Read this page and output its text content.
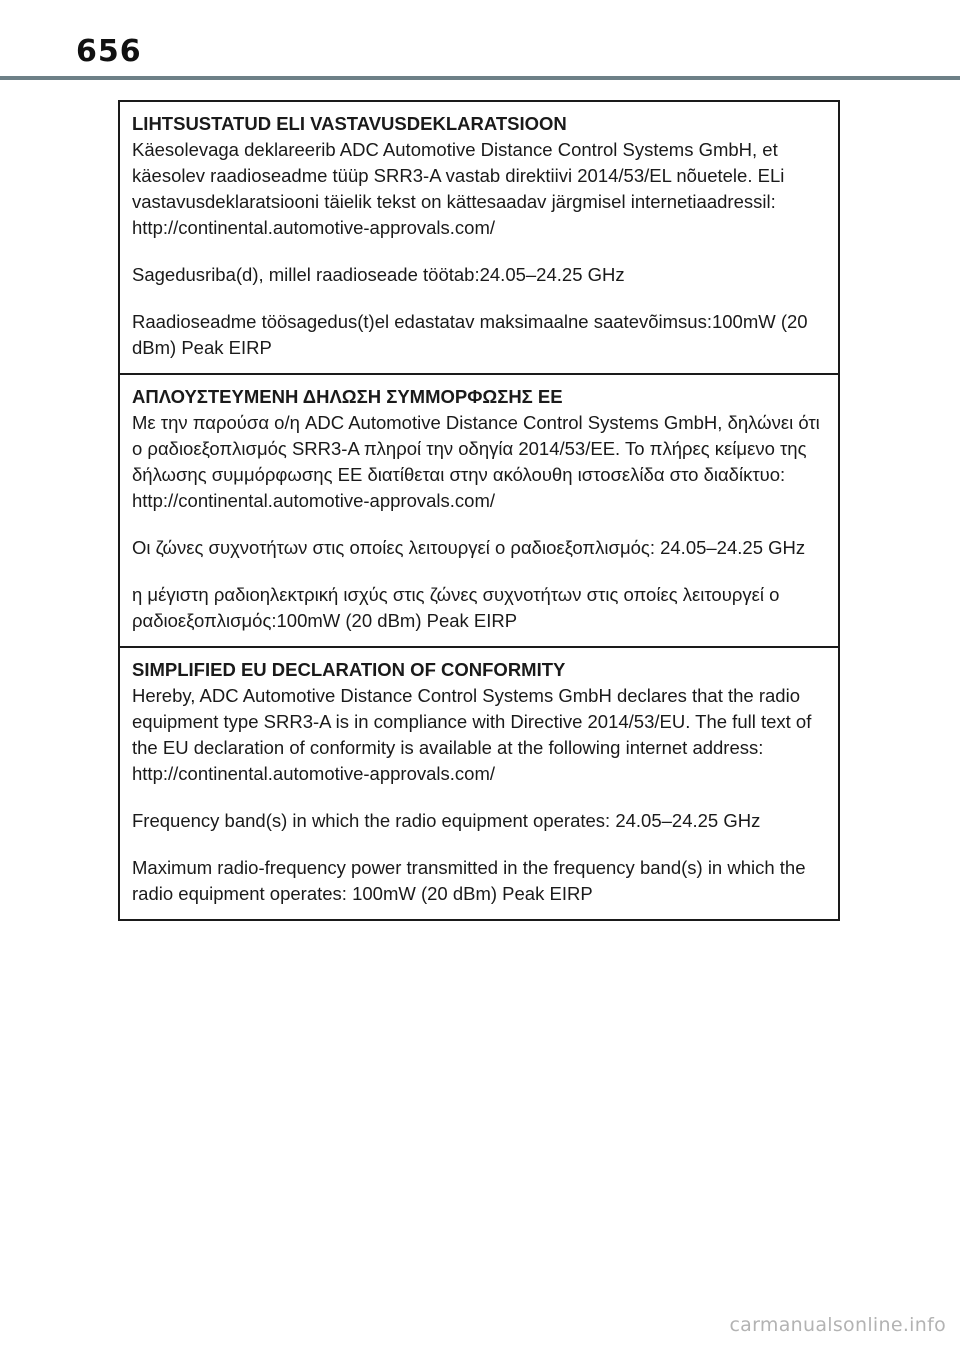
656

LIHTSUSTATUD ELI VASTAVUSDEKLARATSIOON

Käesolevaga deklareerib ADC Automotive Distance Control Systems GmbH, et käesolev raadioseadme tüüp SRR3-A vastab direktiivi 2014/53/EL nõuetele. ELi vastavusdeklaratsiooni täielik tekst on kättesaadav järgmisel internetiaadressil: http://continental.automotive-approvals.com/

Sagedusriba(d), millel raadioseade töötab:24.05–24.25 GHz

Raadioseadme töösagedus(t)el edastatav maksimaalne saatevõimsus:100mW (20 dBm) Peak EIRP

ΑΠΛΟΥΣΤΕΥΜΕΝΗ ΔΗΛΩΣΗ ΣΥΜΜΟΡΦΩΣΗΣ ΕΕ

Με την παρούσα ο/η ADC Automotive Distance Control Systems GmbH, δηλώνει ότι ο ραδιοεξοπλισμός SRR3-A πληροί την οδηγία 2014/53/ΕΕ. Το πλήρες κείμενο της δήλωσης συμμόρφωσης ΕΕ διατίθεται στην ακόλουθη ιστοσελίδα στο διαδίκτυο: http://continental.automotive-approvals.com/

Οι ζώνες συχνοτήτων στις οποίες λειτουργεί ο ραδιοεξοπλισμός: 24.05–24.25 GHz

η μέγιστη ραδιοηλεκτρική ισχύς στις ζώνες συχνοτήτων στις οποίες λειτουργεί ο ραδιοεξοπλισμός:100mW (20 dBm) Peak EIRP

SIMPLIFIED EU DECLARATION OF CONFORMITY

Hereby, ADC Automotive Distance Control Systems GmbH declares that the radio equipment type SRR3-A is in compliance with Directive 2014/53/EU. The full text of the EU declaration of conformity is available at the following internet address: http://continental.automotive-approvals.com/

Frequency band(s) in which the radio equipment operates: 24.05–24.25 GHz

Maximum radio-frequency power transmitted in the frequency band(s) in which the radio equipment operates: 100mW (20 dBm) Peak EIRP

carmanualsonline.info
